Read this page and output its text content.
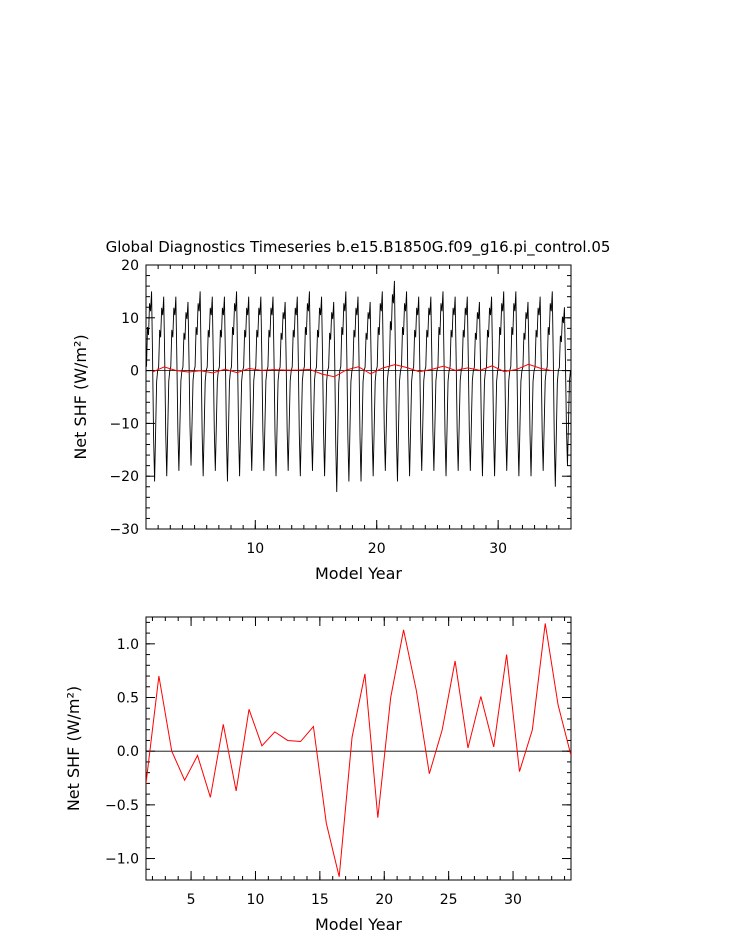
Global Diagnostics Timeseries b.e15.B1850G.f09_g16.pi_control.05
10	20	30
−30
−20
−10
0
10
20
Model Year
Net SHF (W/m²)
5	10	15	20	25	30
−1.0
−0.5
0.0
0.5
1.0
Model Year
Net SHF (W/m²)
